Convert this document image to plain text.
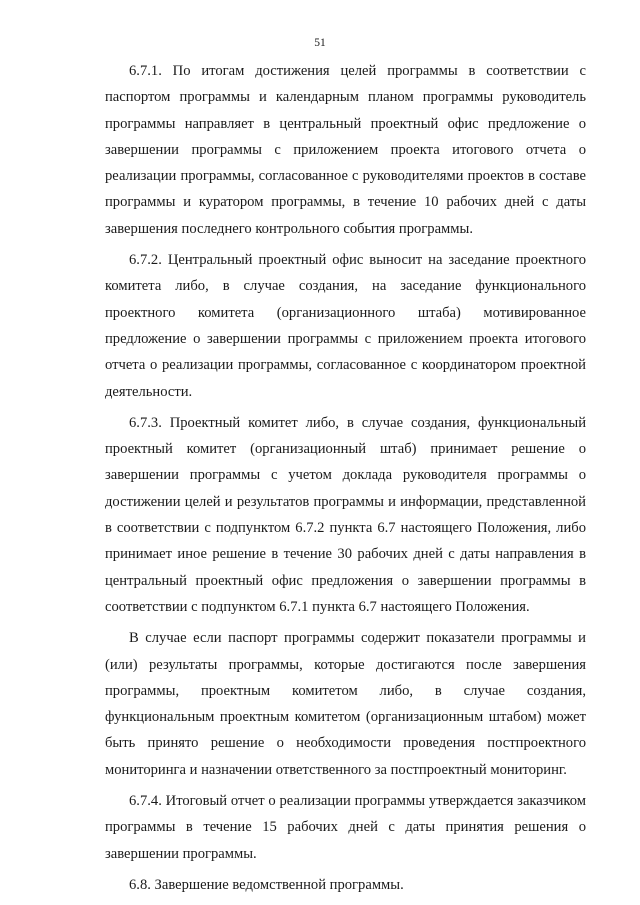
51

6.7.1. По итогам достижения целей программы в соответствии с паспортом программы и календарным планом программы руководитель программы направляет в центральный проектный офис предложение о завершении программы с приложением проекта итогового отчета о реализации программы, согласованное с руководителями проектов в составе программы и куратором программы, в течение 10 рабочих дней с даты завершения последнего контрольного события программы.

6.7.2. Центральный проектный офис выносит на заседание проектного комитета либо, в случае создания, на заседание функционального проектного комитета (организационного штаба) мотивированное предложение о завершении программы с приложением проекта итогового отчета о реализации программы, согласованное с координатором проектной деятельности.

6.7.3. Проектный комитет либо, в случае создания, функциональный проектный комитет (организационный штаб) принимает решение о завершении программы с учетом доклада руководителя программы о достижении целей и результатов программы и информации, представленной в соответствии с подпунктом 6.7.2 пункта 6.7 настоящего Положения, либо принимает иное решение в течение 30 рабочих дней с даты направления в центральный проектный офис предложения о завершении программы в соответствии с подпунктом 6.7.1 пункта 6.7 настоящего Положения.

В случае если паспорт программы содержит показатели программы и (или) результаты программы, которые достигаются после завершения программы, проектным комитетом либо, в случае создания, функциональным проектным комитетом (организационным штабом) может быть принято решение о необходимости проведения постпроектного мониторинга и назначении ответственного за постпроектный мониторинг.

6.7.4. Итоговый отчет о реализации программы утверждается заказчиком программы в течение 15 рабочих дней с даты принятия решения о завершении программы.

6.8. Завершение ведомственной программы.
